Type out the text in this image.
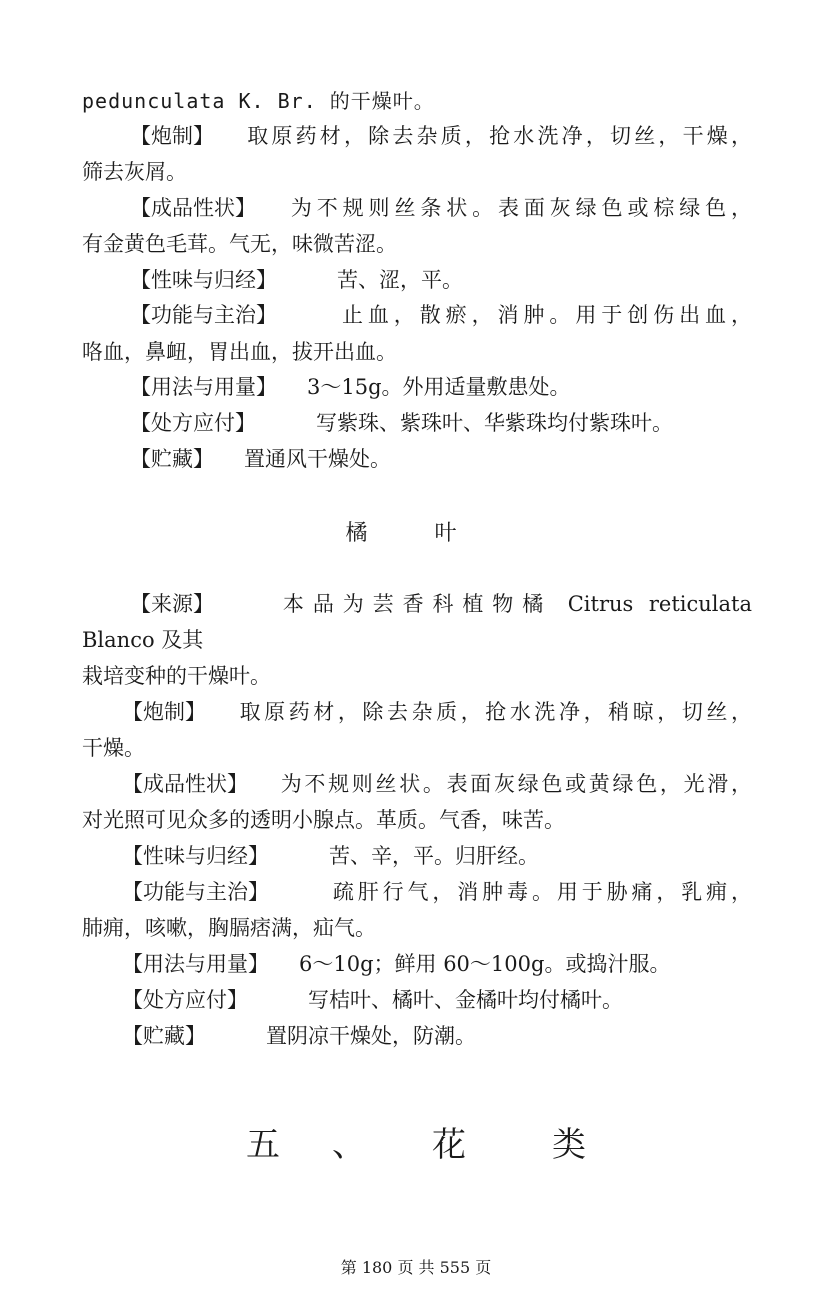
pedunculata K. Br. 的干燥叶。
【炮制】 取原药材，除去杂质，抢水洗净，切丝，干燥，
筛去灰屑。
【成品性状】 为不规则丝条状。表面灰绿色或棕绿色，
有金黄色毛茸。气无，味微苦涩。
【性味与归经】	苦、涩，平。
【功能与主治】	止血，散瘀，消肿。用于创伤出血，
咯血，鼻衄，胃出血，拔开出血。
【用法与用量】 3～15g。外用适量敷患处。
【处方应付】	写紫珠、紫珠叶、华紫珠均付紫珠叶。
【贮藏】 置通风干燥处。
橘 叶
【来源】	本品为芸香科植物橘 Citrus reticulata
Blanco 及其
栽培变种的干燥叶。
【炮制】 取原药材，除去杂质，抢水洗净，稍晾，切丝，
干燥。
【成品性状】 为不规则丝状。表面灰绿色或黄绿色，光滑，
对光照可见众多的透明小腺点。革质。气香，味苦。
【性味与归经】	苦、辛，平。归肝经。
【功能与主治】	疏肝行气，消肿毒。用于胁痛，乳痈，
肺痈，咳嗽，胸膈痞满，疝气。
【用法与用量】 6～10g；鲜用 60～100g。或捣汁服。
【处方应付】	写桔叶、橘叶、金橘叶均付橘叶。
【贮藏】	置阴凉干燥处，防潮。
五 、 花	类
第 180 页 共 555 页
